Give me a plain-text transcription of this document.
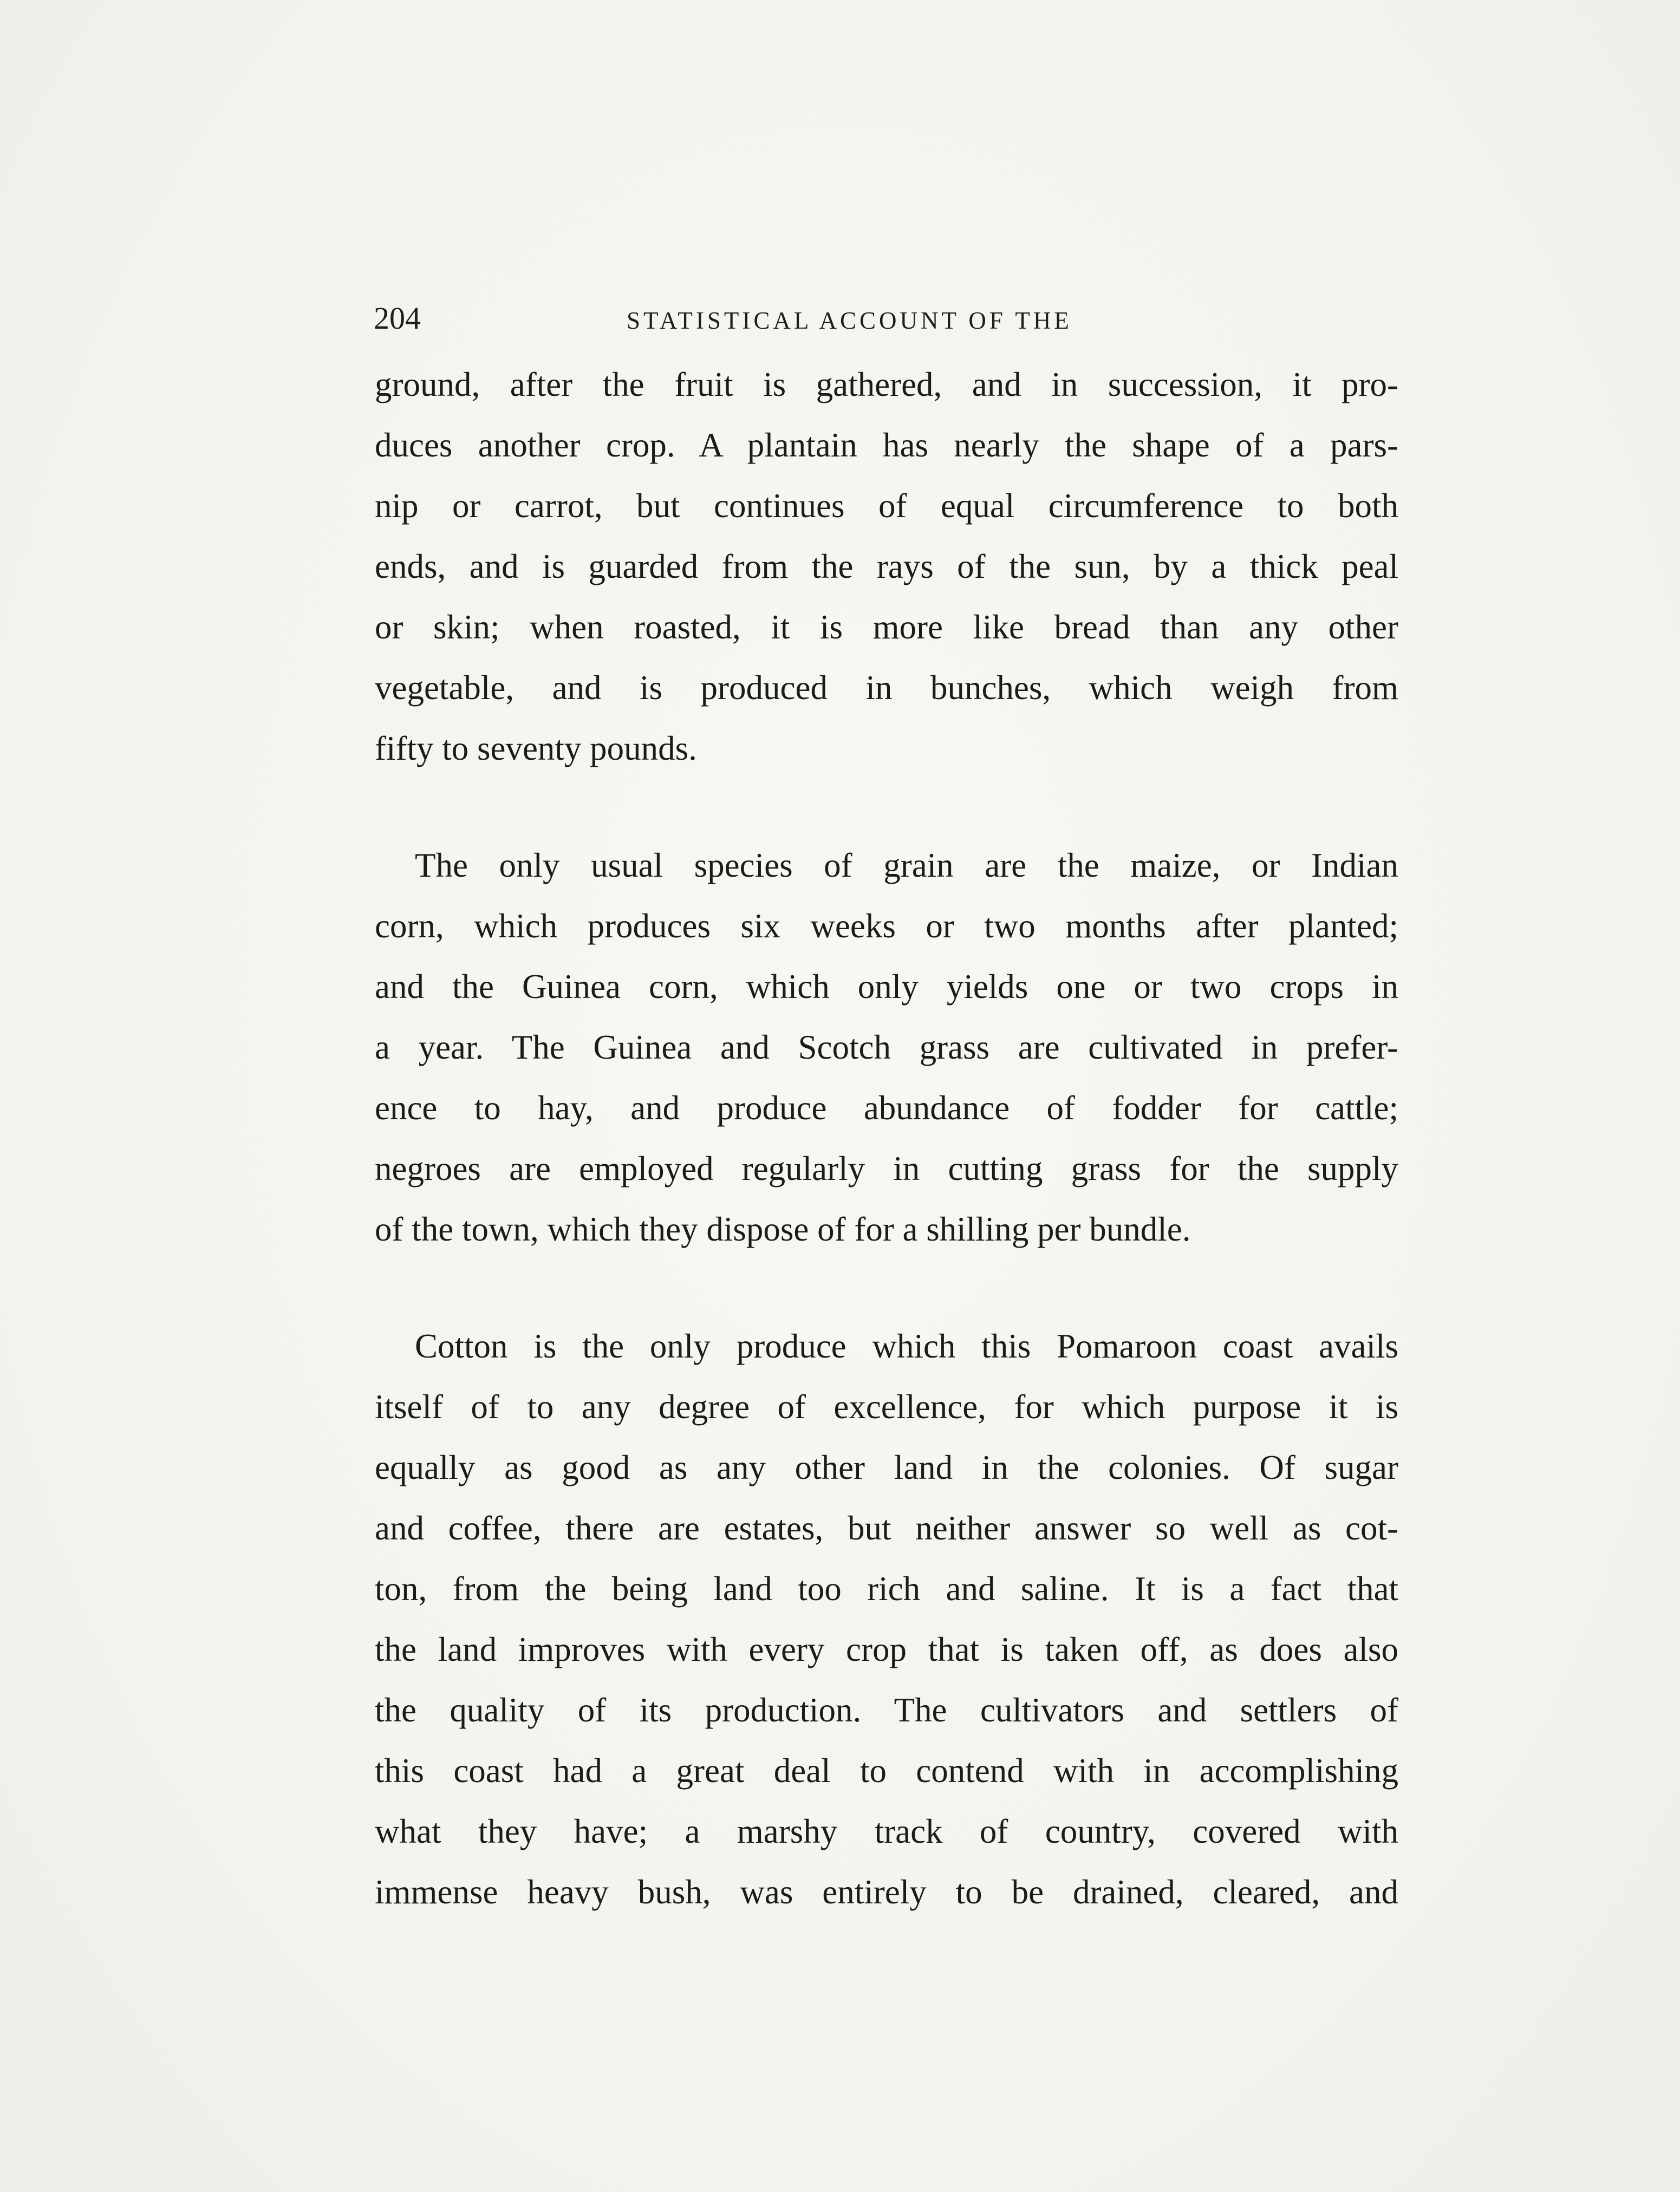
204	STATISTICAL ACCOUNT OF THE
ground, after the fruit is gathered, and in succession, it pro-
duces another crop. A plantain has nearly the shape of a pars-
nip or carrot, but continues of equal circumference to both
ends, and is guarded from the rays of the sun, by a thick peal
or skin; when roasted, it is more like bread than any other
vegetable, and is produced in bunches, which weigh from
fifty to seventy pounds.
The only usual species of grain are the maize, or Indian
corn, which produces six weeks or two months after planted;
and the Guinea corn, which only yields one or two crops in
a year. The Guinea and Scotch grass are cultivated in prefer-
ence to hay, and produce abundance of fodder for cattle;
negroes are employed regularly in cutting grass for the supply
of the town, which they dispose of for a shilling per bundle.
Cotton is the only produce which this Pomaroon coast avails
itself of to any degree of excellence, for which purpose it is
equally as good as any other land in the colonies. Of sugar
and coffee, there are estates, but neither answer so well as cot-
ton, from the being land too rich and saline. It is a fact that
the land improves with every crop that is taken off, as does also
the quality of its production. The cultivators and settlers of
this coast had a great deal to contend with in accomplishing
what they have; a marshy track of country, covered with
immense heavy bush, was entirely to be drained, cleared, and
